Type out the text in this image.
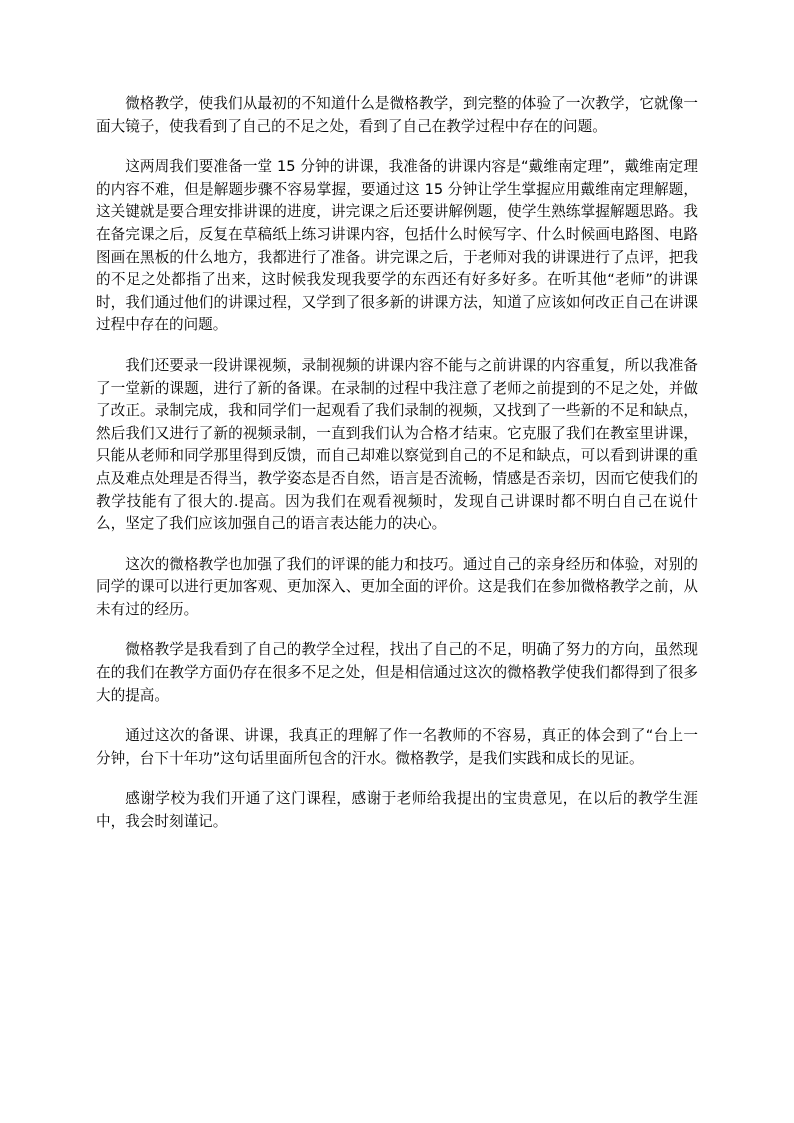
微格教学，使我们从最初的不知道什么是微格教学，到完整的体验了一次教学，它就像一面大镜子，使我看到了自己的不足之处，看到了自己在教学过程中存在的问题。

这两周我们要准备一堂 15 分钟的讲课，我准备的讲课内容是“戴维南定理”，戴维南定理的内容不难，但是解题步骤不容易掌握，要通过这 15 分钟让学生掌握应用戴维南定理解题，这关键就是要合理安排讲课的进度，讲完课之后还要讲解例题，使学生熟练掌握解题思路。我在备完课之后，反复在草稿纸上练习讲课内容，包括什么时候写字、什么时候画电路图、电路图画在黑板的什么地方，我都进行了准备。讲完课之后，于老师对我的讲课进行了点评，把我的不足之处都指了出来，这时候我发现我要学的东西还有好多好多。在听其他“老师”的讲课时，我们通过他们的讲课过程，又学到了很多新的讲课方法，知道了应该如何改正自己在讲课过程中存在的问题。

我们还要录一段讲课视频，录制视频的讲课内容不能与之前讲课的内容重复，所以我准备了一堂新的课题，进行了新的备课。在录制的过程中我注意了老师之前提到的不足之处，并做了改正。录制完成，我和同学们一起观看了我们录制的视频，又找到了一些新的不足和缺点，然后我们又进行了新的视频录制，一直到我们认为合格才结束。它克服了我们在教室里讲课，只能从老师和同学那里得到反馈，而自己却难以察觉到自己的不足和缺点，可以看到讲课的重点及难点处理是否得当，教学姿态是否自然，语言是否流畅，情感是否亲切，因而它使我们的教学技能有了很大的.提高。因为我们在观看视频时，发现自己讲课时都不明白自己在说什么，坚定了我们应该加强自己的语言表达能力的决心。

这次的微格教学也加强了我们的评课的能力和技巧。通过自己的亲身经历和体验，对别的同学的课可以进行更加客观、更加深入、更加全面的评价。这是我们在参加微格教学之前，从未有过的经历。

微格教学是我看到了自己的教学全过程，找出了自己的不足，明确了努力的方向，虽然现在的我们在教学方面仍存在很多不足之处，但是相信通过这次的微格教学使我们都得到了很多大的提高。

通过这次的备课、讲课，我真正的理解了作一名教师的不容易，真正的体会到了“台上一分钟，台下十年功”这句话里面所包含的汗水。微格教学，是我们实践和成长的见证。

感谢学校为我们开通了这门课程，感谢于老师给我提出的宝贵意见，在以后的教学生涯中，我会时刻谨记。
